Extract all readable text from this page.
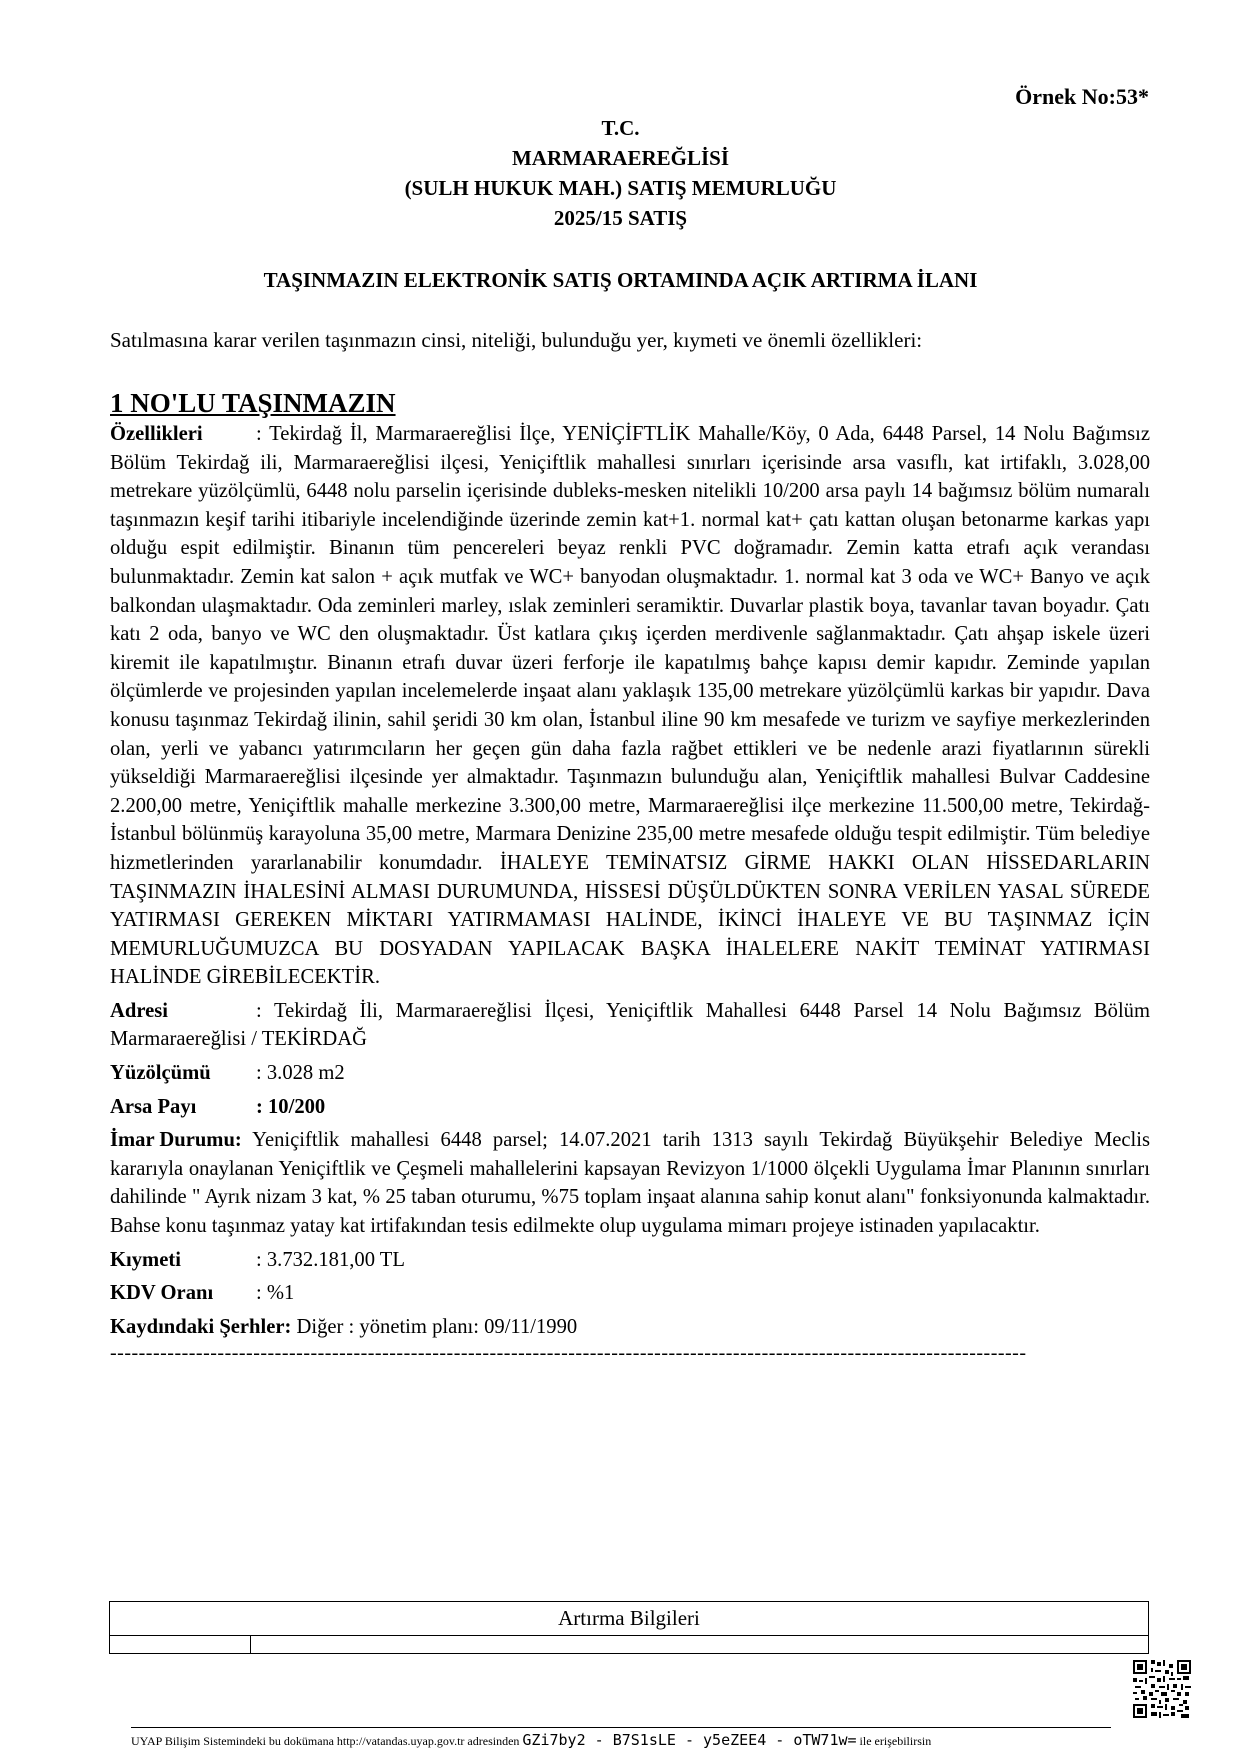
Örnek No:53*
T.C.
MARMARAEREĞLİSİ
(SULH HUKUK MAH.) SATIŞ MEMURLUĞU
2025/15 SATIŞ
TAŞINMAZIN ELEKTRONİK SATIŞ ORTAMINDA AÇIK ARTIRMA İLANI
Satılmasına karar verilen taşınmazın cinsi, niteliği, bulunduğu yer, kıymeti ve önemli özellikleri:
1 NO'LU TAŞINMAZIN
Özellikleri	: Tekirdağ İl, Marmaraereğlisi İlçe, YENİÇİFTLİK Mahalle/Köy, 0 Ada, 6448 Parsel, 14 Nolu Bağımsız Bölüm Tekirdağ ili, Marmaraereğlisi ilçesi, Yeniçiftlik mahallesi sınırları içerisinde arsa vasıflı, kat irtifaklı, 3.028,00 metrekare yüzölçümlü, 6448 nolu parselin içerisinde dubleks-mesken nitelikli 10/200 arsa paylı 14 bağımsız bölüm numaralı taşınmazın keşif tarihi itibariyle incelendiğinde üzerinde zemin kat+1. normal kat+ çatı kattan oluşan betonarme karkas yapı olduğu espit edilmiştir. Binanın tüm pencereleri beyaz renkli PVC doğramadır. Zemin katta etrafı açık verandası bulunmaktadır. Zemin kat salon + açık mutfak ve WC+ banyodan oluşmaktadır. 1. normal kat 3 oda ve WC+ Banyo ve açık balkondan ulaşmaktadır. Oda zeminleri marley, ıslak zeminleri seramiktir. Duvarlar plastik boya, tavanlar tavan boyadır. Çatı katı 2 oda, banyo ve WC den oluşmaktadır. Üst katlara çıkış içerden merdivenle sağlanmaktadır. Çatı ahşap iskele üzeri kiremit ile kapatılmıştır. Binanın etrafı duvar üzeri ferforje ile kapatılmış bahçe kapısı demir kapıdır. Zeminde yapılan ölçümlerde ve projesinden yapılan incelemelerde inşaat alanı yaklaşık 135,00 metrekare yüzölçümlü karkas bir yapıdır. Dava konusu taşınmaz Tekirdağ ilinin, sahil şeridi 30 km olan, İstanbul iline 90 km mesafede ve turizm ve sayfiye merkezlerinden olan, yerli ve yabancı yatırımcıların her geçen gün daha fazla rağbet ettikleri ve be nedenle arazi fiyatlarının sürekli yükseldiği Marmaraereğlisi ilçesinde yer almaktadır. Taşınmazın bulunduğu alan, Yeniçiftlik mahallesi Bulvar Caddesine 2.200,00 metre, Yeniçiftlik mahalle merkezine 3.300,00 metre, Marmaraereğlisi ilçe merkezine 11.500,00 metre, Tekirdağ- İstanbul bölünmüş karayoluna 35,00 metre, Marmara Denizine 235,00 metre mesafede olduğu tespit edilmiştir. Tüm belediye hizmetlerinden yararlanabilir konumdadır. İHALEYE TEMİNATSIZ GİRME HAKKI OLAN HİSSEDARLARIN TAŞINMAZIN İHALESİNİ ALMASI DURUMUNDA, HİSSESİ DÜŞÜLDÜKTEN SONRA VERİLEN YASAL SÜREDE YATIRMASI GEREKEN MİKTARI YATIRMAMASI HALİNDE, İKİNCİ İHALEYE VE BU TAŞINMAZ İÇİN MEMURLUĞUMUZCA BU DOSYADAN YAPILACAK BAŞKA İHALELERE NAKİT TEMİNAT YATIRMASI HALİNDE GİREBİLECEKTİR.
Adresi	: Tekirdağ İli, Marmaraereğlisi İlçesi, Yeniçiftlik Mahallesi 6448 Parsel 14 Nolu Bağımsız Bölüm Marmaraereğlisi / TEKİRDAĞ
Yüzölçümü : 3.028 m2
Arsa Payı	: 10/200
İmar Durumu: Yeniçiftlik mahallesi 6448 parsel; 14.07.2021 tarih 1313 sayılı Tekirdağ Büyükşehir Belediye Meclis kararıyla onaylanan Yeniçiftlik ve Çeşmeli mahallelerini kapsayan Revizyon 1/1000 ölçekli Uygulama İmar Planının sınırları dahilinde " Ayrık nizam 3 kat, % 25 taban oturumu, %75 toplam inşaat alanına sahip konut alanı" fonksiyonunda kalmaktadır. Bahse konu taşınmaz yatay kat irtifakından tesis edilmekte olup uygulama mimarı projeye istinaden yapılacaktır.
Kıymeti	: 3.732.181,00 TL
KDV Oranı : %1
Kaydındaki Şerhler: Diğer : yönetim planı: 09/11/1990
--------------------------------------------------------------------------------------------------------------------------------
Artırma Bilgileri

UYAP Bilişim Sistemindeki bu dokümana http://vatandas.uyap.gov.tr adresinden GZi7by2 - B7S1sLE - y5eZEE4 - oTW71w= ile erişebilirsin
